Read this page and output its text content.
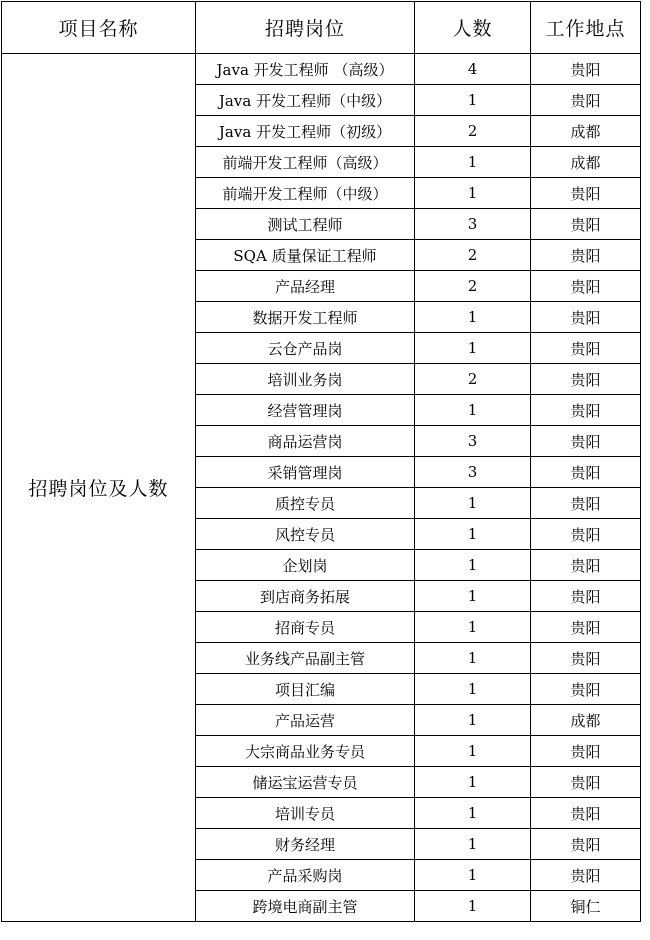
项目名称	招聘岗位	人数	工作地点
招聘岗位及人数	Java 开发工程师 （高级）	4	贵阳
	Java 开发工程师（中级）	1	贵阳
	Java 开发工程师（初级）	2	成都
	前端开发工程师（高级）	1	成都
	前端开发工程师（中级）	1	贵阳
	测试工程师	3	贵阳
	SQA 质量保证工程师	2	贵阳
	产品经理	2	贵阳
	数据开发工程师	1	贵阳
	云仓产品岗	1	贵阳
	培训业务岗	2	贵阳
	经营管理岗	1	贵阳
	商品运营岗	3	贵阳
	采销管理岗	3	贵阳
	质控专员	1	贵阳
	风控专员	1	贵阳
	企划岗	1	贵阳
	到店商务拓展	1	贵阳
	招商专员	1	贵阳
	业务线产品副主管	1	贵阳
	项目汇编	1	贵阳
	产品运营	1	成都
	大宗商品业务专员	1	贵阳
	储运宝运营专员	1	贵阳
	培训专员	1	贵阳
	财务经理	1	贵阳
	产品采购岗	1	贵阳
	跨境电商副主管	1	铜仁
